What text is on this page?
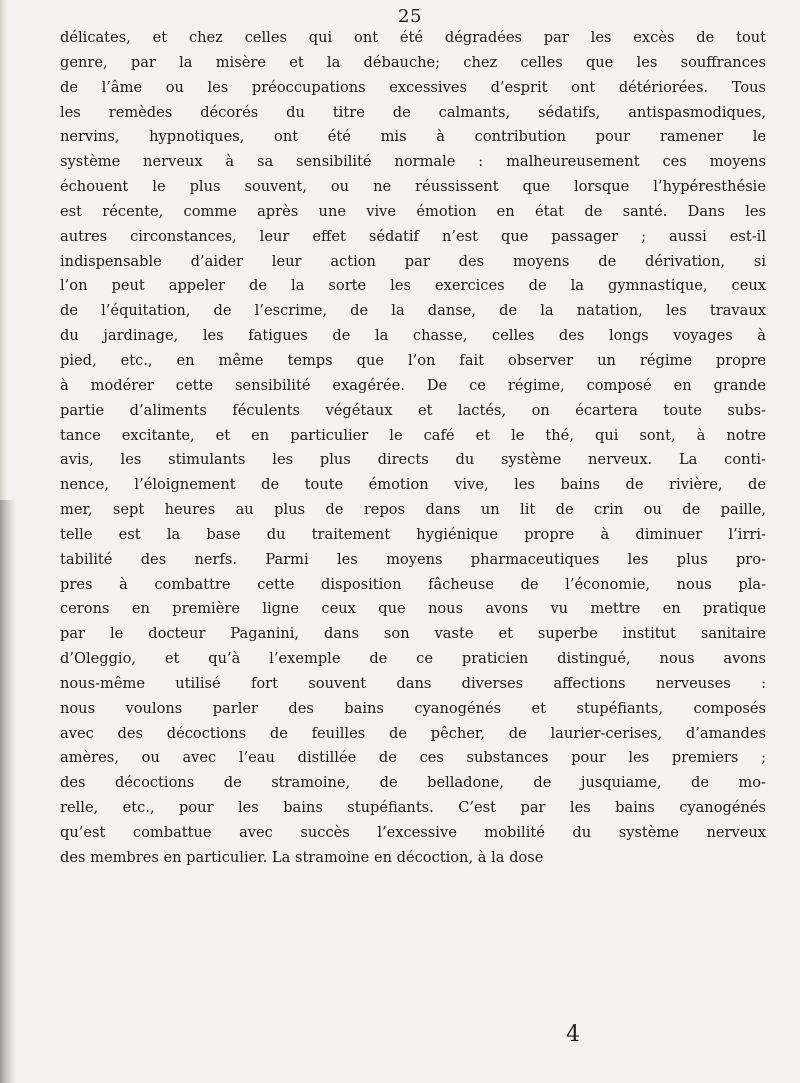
25
délicates, et chez celles qui ont été dégradées par les excès de tout
genre, par la misère et la débauche; chez celles que les souffrances
de l’âme ou les préoccupations excessives d’esprit ont détériorées. Tous
les remèdes décorés du titre de calmants, sédatifs, antispasmodiques,
nervins, hypnotiques, ont été mis à contribution pour ramener le
système nerveux à sa sensibilité normale : malheureusement ces moyens
échouent le plus souvent, ou ne réussissent que lorsque l’hypéresthésie
est récente, comme après une vive émotion en état de santé. Dans les
autres circonstances, leur effet sédatif n’est que passager ; aussi est-il
indispensable d’aider leur action par des moyens de dérivation, si
l’on peut appeler de la sorte les exercices de la gymnastique, ceux
de l’équitation, de l’escrime, de la danse, de la natation, les travaux
du jardinage, les fatigues de la chasse, celles des longs voyages à
pied, etc., en même temps que l’on fait observer un régime propre
à modérer cette sensibilité exagérée. De ce régime, composé en grande
partie d’aliments féculents végétaux et lactés, on écartera toute subs-
tance excitante, et en particulier le café et le thé, qui sont, à notre
avis, les stimulants les plus directs du système nerveux. La conti-
nence, l’éloignement de toute émotion vive, les bains de rivière, de
mer, sept heures au plus de repos dans un lit de crin ou de paille,
telle est la base du traitement hygiénique propre à diminuer l’irri-
tabilité des nerfs. Parmi les moyens pharmaceutiques les plus pro-
pres à combattre cette disposition fâcheuse de l’économie, nous pla-
cerons en première ligne ceux que nous avons vu mettre en pratique
par le docteur Paganini, dans son vaste et superbe institut sanitaire
d’Oleggio, et qu’à l’exemple de ce praticien distingué, nous avons
nous-même utilisé fort souvent dans diverses affections nerveuses :
nous voulons parler des bains cyanogénés et stupéfiants, composés
avec des décoctions de feuilles de pêcher, de laurier-cerises, d’amandes
amères, ou avec l’eau distillée de ces substances pour les premiers ;
des décoctions de stramoine, de belladone, de jusquiame, de mo-
relle, etc., pour les bains stupéfiants. C’est par les bains cyanogénés
qu’est combattue avec succès l’excessive mobilité du système nerveux
des membres en particulier. La stramoine en décoction, à la dose
4
